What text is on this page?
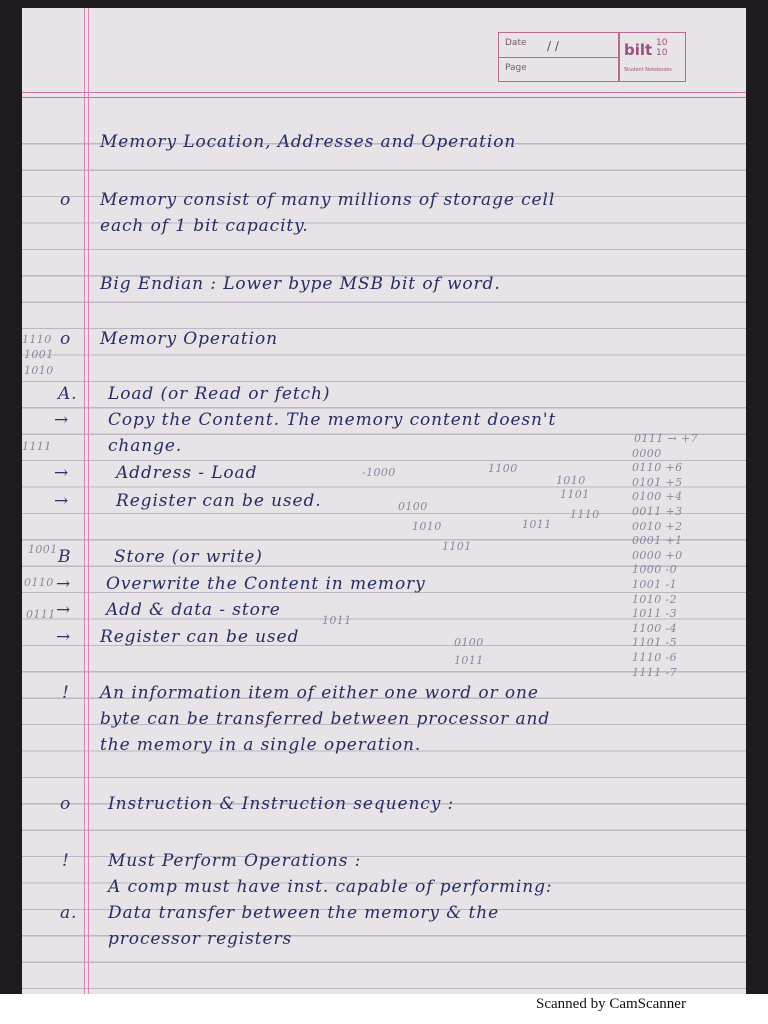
Date / /
Page
bilt 10
10
Student Notebooks
Memory Location, Addresses and Operation
Memory consist of many millions of storage cell
o
each of 1 bit capacity.
Big Endian : Lower bype MSB bit of word.
Memory Operation
o
Load (or Read or fetch)
A.
Copy the Content. The memory content doesn't
→
change.
Address - Load
→
Register can be used.
→
Store (or write)
B
Overwrite the Content in memory
→
Add & data - store
→
Register can be used
→
An information item of either one word or one
!
byte can be transferred between processor and
the memory in a single operation.
Instruction & Instruction sequency :
o
Must Perform Operations :
!
A comp must have inst. capable of performing:
Data transfer between the memory & the
a.
processor registers
1110
1001
1010
1111
1001
0110
0111
0111 → +7
0000
0110 +6
0101 +5
0100 +4
0011 +3
0010 +2
0001 +1
0000 +0
1000 -0
1001 -1
1010 -2
1011 -3
1100 -4
1101 -5
1110 -6
1111 -7
-1000	1100
1010
1101
1011
1110
0100
1010
1101
1011
0100
1011
Scanned by CamScanner
